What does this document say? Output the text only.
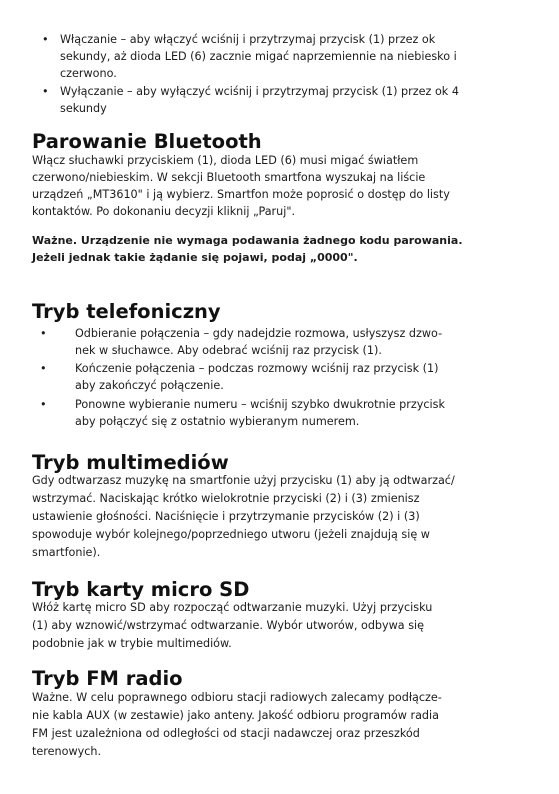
• Włączanie – aby włączyć wciśnij i przytrzymaj przycisk (1) przez ok

sekundy, aż dioda LED (6) zacznie migać naprzemiennie na niebiesko i

czerwono.

• Wyłączanie – aby wyłączyć wciśnij i przytrzymaj przycisk (1) przez ok 4

sekundy

Parowanie Bluetooth

Włącz słuchawki przyciskiem (1), dioda LED (6) musi migać światłem

czerwono/niebieskim. W sekcji Bluetooth smartfona wyszukaj na liście

urządzeń „MT3610" i ją wybierz. Smartfon może poprosić o dostęp do listy

kontaktów. Po dokonaniu decyzji kliknij „Paruj".

Ważne. Urządzenie nie wymaga podawania żadnego kodu parowania.

Jeżeli jednak takie żądanie się pojawi, podaj „0000".

Tryb telefoniczny
•	Odbieranie połączenia – gdy nadejdzie rozmowa, usłyszysz dzwo-

nek w słuchawce. Aby odebrać wciśnij raz przycisk (1).

•	Kończenie połączenia – podczas rozmowy wciśnij raz przycisk (1)

aby zakończyć połączenie.

•	Ponowne wybieranie numeru – wciśnij szybko dwukrotnie przycisk

aby połączyć się z ostatnio wybieranym numerem.

Tryb multimediów

Gdy odtwarzasz muzykę na smartfonie użyj przycisku (1) aby ją odtwarzać/

wstrzymać. Naciskając krótko wielokrotnie przyciski (2) i (3) zmienisz

ustawienie głośności. Naciśnięcie i przytrzymanie przycisków (2) i (3)

spowoduje wybór kolejnego/poprzedniego utworu (jeżeli znajdują się w

smartfonie).

Tryb karty micro SD

Włóż kartę micro SD aby rozpocząć odtwarzanie muzyki. Użyj przycisku

(1) aby wznowić/wstrzymać odtwarzanie. Wybór utworów, odbywa się

podobnie jak w trybie multimediów.

Tryb FM radio

Ważne. W celu poprawnego odbioru stacji radiowych zalecamy podłącze-

nie kabla AUX (w zestawie) jako anteny. Jakość odbioru programów radia

FM jest uzależniona od odległości od stacji nadawczej oraz przeszkód

terenowych.
